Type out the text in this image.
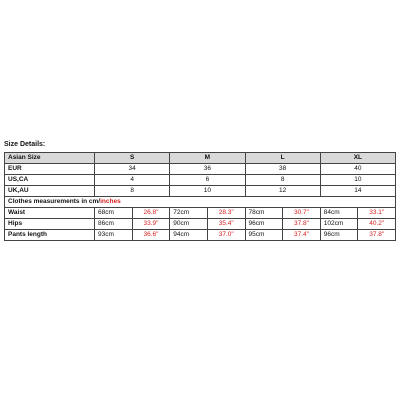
Size Details:
Asian Size	S		M		L		XL	
EUR	34		36		38		40	
US,CA	4		6		8		10	
UK,AU	8		10		12		14	
Clothes measurements in cm/inches								
Waist	68cm	26.8"	72cm	28.3"	78cm	30.7"	84cm	33.1"
Hips	86cm	33.9"	90cm	35.4"	96cm	37.8"	102cm	40.2"
Pants length	93cm	36.6"	94cm	37.0"	95cm	37.4"	96cm	37.8"
